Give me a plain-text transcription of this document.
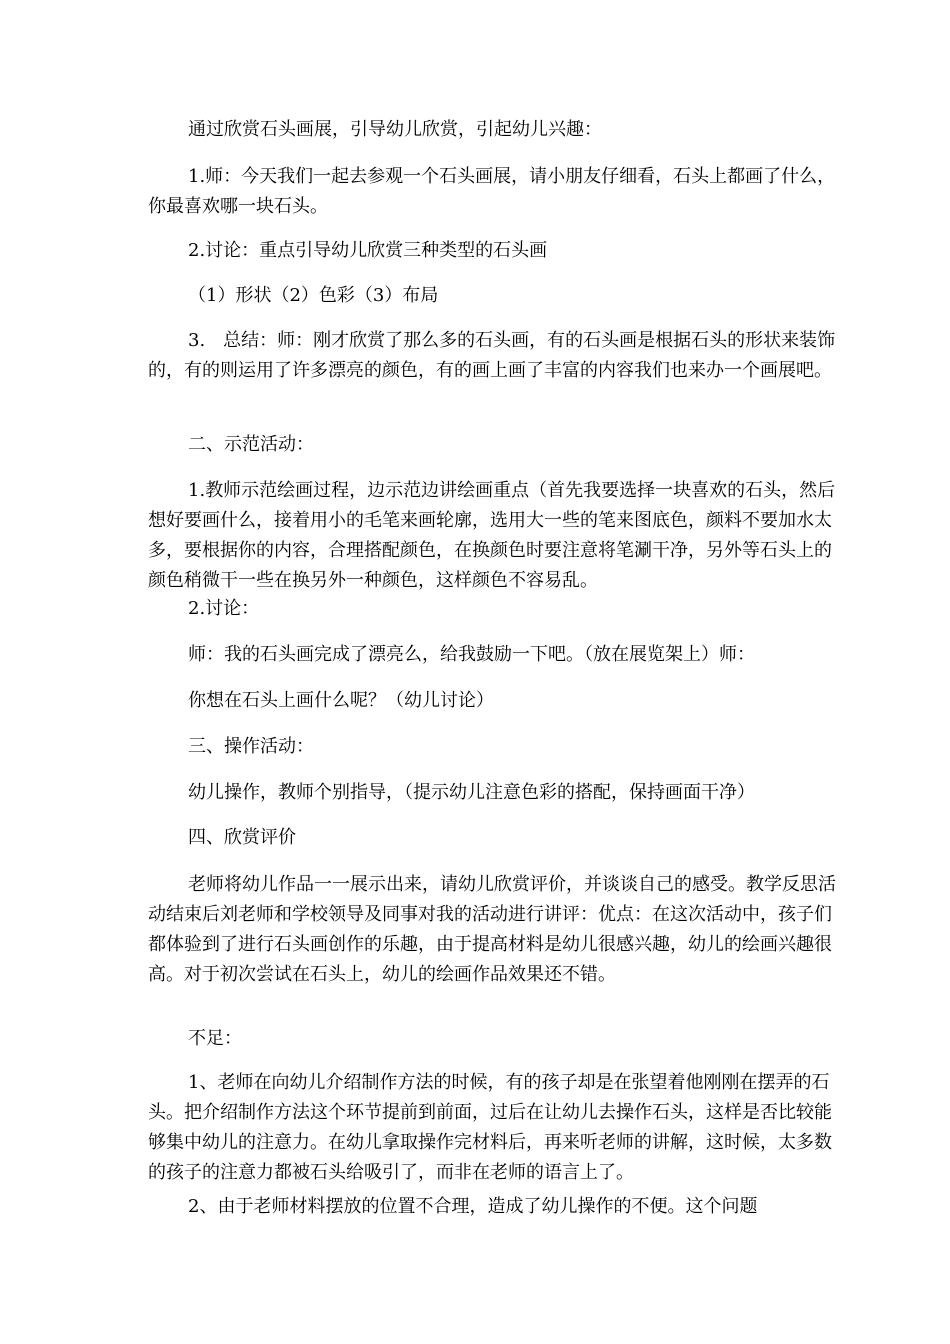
通过欣赏石头画展，引导幼儿欣赏，引起幼儿兴趣：

1.师：今天我们一起去参观一个石头画展，请小朋友仔细看，石头上都画了什么，你最喜欢哪一块石头。

2.讨论：重点引导幼儿欣赏三种类型的石头画

（1）形状（2）色彩（3）布局

3.　总结：师：刚才欣赏了那么多的石头画，有的石头画是根据石头的形状来装饰的，有的则运用了许多漂亮的颜色，有的画上画了丰富的内容我们也来办一个画展吧。

二、示范活动：

1.教师示范绘画过程，边示范边讲绘画重点（首先我要选择一块喜欢的石头，然后想好要画什么，接着用小的毛笔来画轮廓，选用大一些的笔来图底色，颜料不要加水太多，要根据你的内容，合理搭配颜色，在换颜色时要注意将笔涮干净，另外等石头上的颜色稍微干一些在换另外一种颜色，这样颜色不容易乱。

2.讨论：

师：我的石头画完成了漂亮么，给我鼓励一下吧。（放在展览架上）师：

你想在石头上画什么呢？（幼儿讨论）

三、操作活动：

幼儿操作，教师个别指导，（提示幼儿注意色彩的搭配，保持画面干净）

四、欣赏评价

老师将幼儿作品一一展示出来，请幼儿欣赏评价，并谈谈自己的感受。教学反思活动结束后刘老师和学校领导及同事对我的活动进行讲评：优点：在这次活动中，孩子们都体验到了进行石头画创作的乐趣，由于提高材料是幼儿很感兴趣，幼儿的绘画兴趣很高。对于初次尝试在石头上，幼儿的绘画作品效果还不错。

不足：

1、老师在向幼儿介绍制作方法的时候，有的孩子却是在张望着他刚刚在摆弄的石头。把介绍制作方法这个环节提前到前面，过后在让幼儿去操作石头，这样是否比较能够集中幼儿的注意力。在幼儿拿取操作完材料后，再来听老师的讲解，这时候，太多数的孩子的注意力都被石头给吸引了，而非在老师的语言上了。

2、由于老师材料摆放的位置不合理，造成了幼儿操作的不便。这个问题
